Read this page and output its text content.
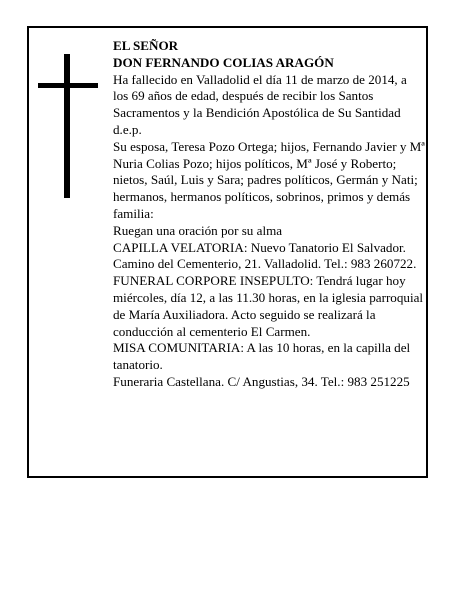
EL SEÑOR

DON FERNANDO COLIAS ARAGÓN

Ha fallecido en Valladolid el día 11 de marzo de 2014, a los 69 años de edad, después de recibir los Santos Sacramentos y la Bendición Apostólica de Su Santidad d.e.p.

Su esposa, Teresa Pozo Ortega; hijos, Fernando Javier y Mª Nuria Colias Pozo; hijos políticos, Mª José y Roberto; nietos, Saúl, Luis y Sara; padres políticos, Germán y Nati; hermanos, hermanos políticos, sobrinos, primos y demás familia:

Ruegan una oración por su alma

CAPILLA VELATORIA: Nuevo Tanatorio El Salvador. Camino del Cementerio, 21. Valladolid. Tel.: 983 260722.

FUNERAL CORPORE INSEPULTO: Tendrá lugar hoy miércoles, día 12, a las 11.30 horas, en la iglesia parroquial de María Auxiliadora. Acto seguido se realizará la conducción al cementerio El Carmen.

MISA COMUNITARIA: A las 10 horas, en la capilla del tanatorio.

Funeraria Castellana. C/ Angustias, 34. Tel.: 983 251225
